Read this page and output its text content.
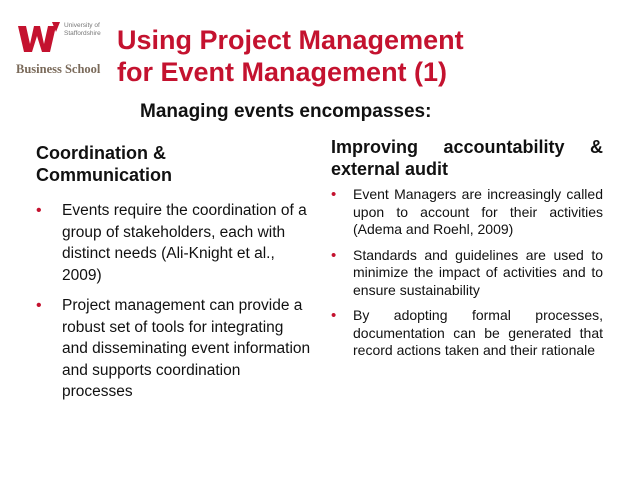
University of Staffordshire
Business School
Using Project Management
for Event Management (1)
Managing events encompasses:
Coordination &
Communication
• Events require the coordination of a group of stakeholders, each with distinct needs (Ali-Knight et al., 2009)
• Project management can provide a robust set of tools for integrating and disseminating event information and supports coordination processes
Improving accountability & external audit
• Event Managers are increasingly called upon to account for their activities (Adema and Roehl, 2009)
• Standards and guidelines are used to minimize the impact of activities and to ensure sustainability
• By adopting formal processes, documentation can be generated that record actions taken and their rationale
